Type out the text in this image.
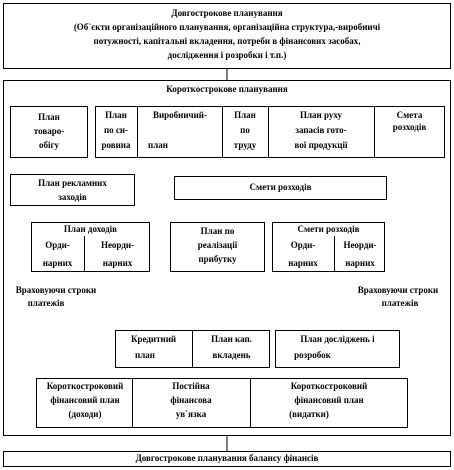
Довгострокове планування
(Об`єкти організаційного планування, організаційна структура,-виробничі
потужності, капітальні вкладення, потреби в фінансових засобах,
дослідження і розробки і т.п.)
Короткострокове планування
План
товаро-
обігу
План
по си-
ровина
Виробничий-
план
План
по
труду
План руху
запасів гото-
вої продукції
Смета
розходів
План рекламних
заходів
Смети розходів
План доходів
Орди-
нарних
Неорди-
нарних
План по
реалізації
прибутку
Смети розходів
Орди-
нарних
Неорди-
нарних
Враховуючи строки
платежів
Враховуючи строки
платежів
Кредитний
план
План кап.
вкладень
План досліджень і
розробок
Короткостроковий
фінансовий план
(доходи)
Постійна
фінансова
ув`язка
Короткостроковий
фінансовий план
(видатки)
Довгострокове планування балансу фінансів
